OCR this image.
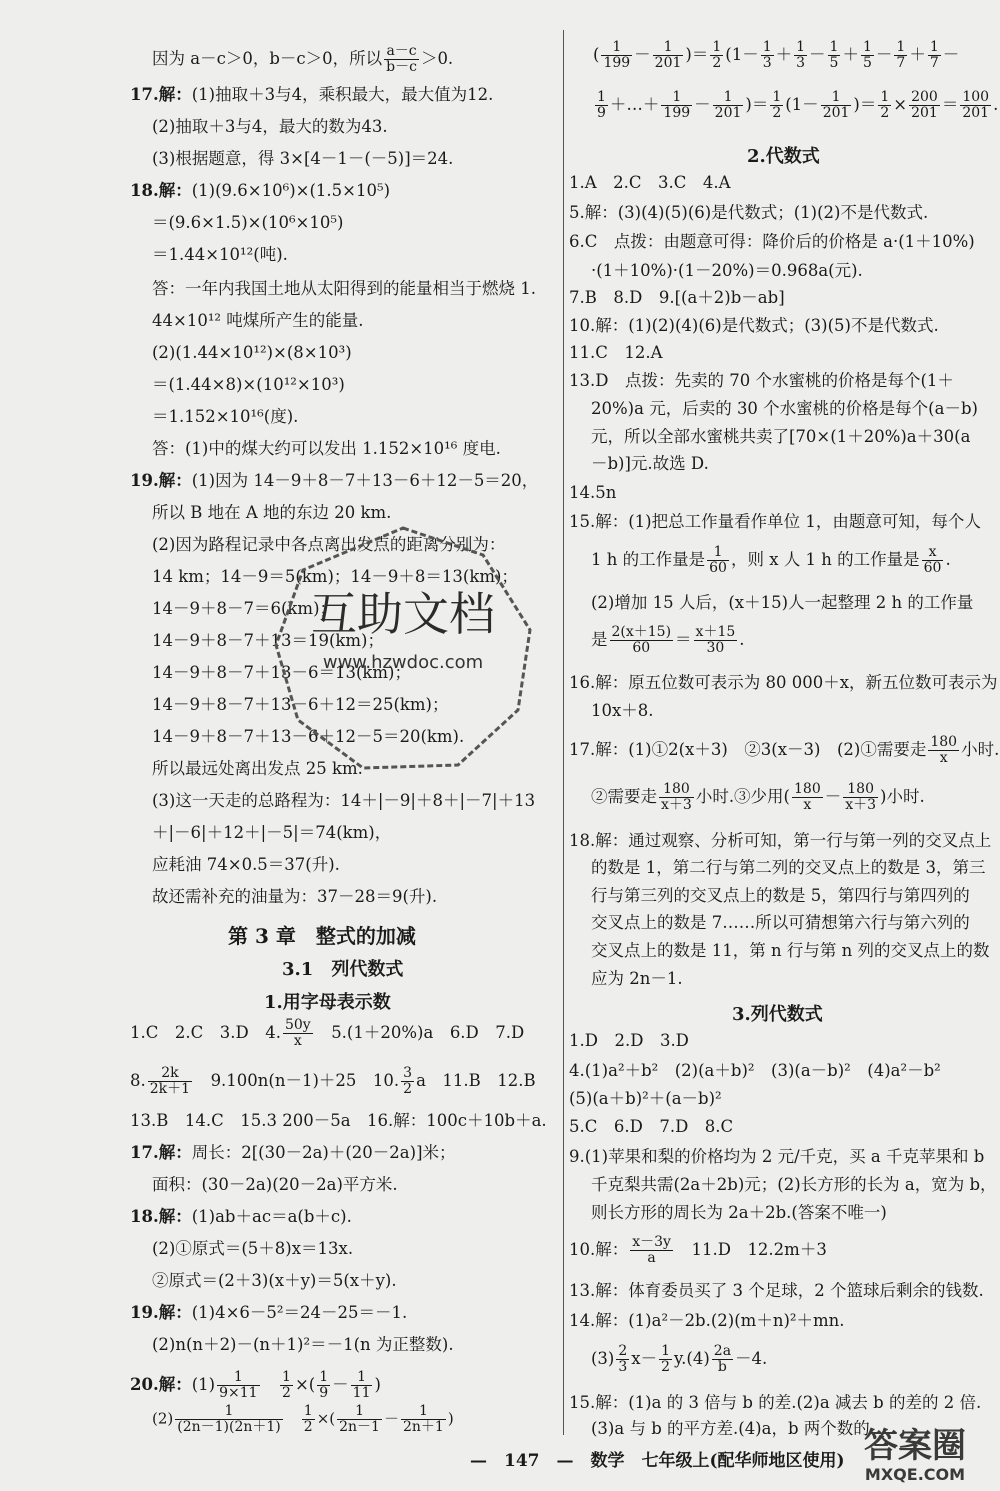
因为 a－c＞0，b－c＞0，所以 $\frac{a-c}{b-c} >0$.
17.解：(1)抽取＋3与4，乘积最大，最大值为12.
(2)抽取＋3与4，最大的数为43.
(3)根据题意，得 3×[4－1－(－5)]＝24.
18.解：(1)(9.6×10⁶)×(1.5×10⁵)
＝(9.6×1.5)×(10⁶×10⁵)
＝1.44×10¹²(吨).
答：一年内我国土地从太阳得到的能量相当于燃烧 1.
44×10¹² 吨煤所产生的能量.
(2)(1.44×10¹²)×(8×10³)
＝(1.44×8)×(10¹²×10³)
＝1.152×10¹⁶(度).
答：(1)中的煤大约可以发出 1.152×10¹⁶ 度电.
19.解：(1)因为 14－9＋8－7＋13－6＋12－5＝20，
所以 B 地在 A 地的东边 20 km.
(2)因为路程记录中各点离出发点的距离分别为：
14 km；14－9＝5(km)；14－9＋8＝13(km)；
14－9＋8－7＝6(km)；
14－9＋8－7＋13＝19(km)；
14－9＋8－7＋13－6＝13(km)；
14－9＋8－7＋13－6＋12＝25(km)；
14－9＋8－7＋13－6＋12－5＝20(km).
所以最远处离出发点 25 km.
(3)这一天走的总路程为：14＋|－9|＋8＋|－7|＋13
＋|－6|＋12＋|－5|＝74(km)，
应耗油 74×0.5＝37(升).
故还需补充的油量为：37－28＝9(升).
第 3 章　整式的加减
3.1　列代数式
1.用字母表示数
1.C　2.C　3.D　4. $\frac{50y}{x}$ 　5.(1＋20%)a　6.D　7.D
8. $\frac{2k}{2k+1}$ 　9.100n(n－1)＋25　10. $\frac{3}{2}$ a　11.B　12.B
13.B　14.C　15.3 200－5a　16.解：100c＋10b＋a.
17.解：周长：2[(30－2a)＋(20－2a)]米；
面积：(30－2a)(20－2a)平方米.
18.解：(1)ab＋ac＝a(b＋c).
(2)①原式＝(5＋8)x＝13x.
②原式＝(2＋3)(x＋y)＝5(x＋y).
19.解：(1)4×6－5²＝24－25＝－1.
(2)n(n＋2)－(n＋1)²＝－1(n 为正整数).
( $\frac{1}{199} - \frac{1}{201}$ )＝ $\frac{1}{2} (1- \frac{1}{3} + \frac{1}{3} - \frac{1}{5} + \frac{1}{5} - \frac{1}{7} + \frac{1}{7}$ －
$\frac{1}{9}$ ＋…＋ $\frac{1}{199} - \frac{1}{201}$ )＝ $\frac{1}{2} (1- \frac{1}{201}$ )＝ $\frac{1}{2} \times \frac{200}{201} = \frac{100}{201}$ .
2.代数式
1.A　2.C　3.C　4.A
5.解：(3)(4)(5)(6)是代数式；(1)(2)不是代数式.
6.C　点拨：由题意可得：降价后的价格是 a·(1＋10%)
·(1＋10%)·(1－20%)＝0.968a(元).
7.B　8.D　9.[(a＋2)b－ab]
10.解：(1)(2)(4)(6)是代数式；(3)(5)不是代数式.
11.C　12.A
13.D　点拨：先卖的 70 个水蜜桃的价格是每个(1＋
20%)a 元，后卖的 30 个水蜜桃的价格是每个(a－b)
元，所以全部水蜜桃共卖了[70×(1＋20%)a＋30(a
－b)]元.故选 D.
14.5n
15.解：(1)把总工作量看作单位 1，由题意可知，每个人
1 h 的工作量是 $\frac{1}{60}$ ，则 x 人 1 h 的工作量是 $\frac{x}{60}$ .
(2)增加 15 人后，(x＋15)人一起整理 2 h 的工作量
是 $\frac{2(x+15)}{60} = \frac{x+15}{30}$ .
16.解：原五位数可表示为 80 000＋x，新五位数可表示为
10x＋8.
17.解：(1)①2(x＋3)　②3(x－3)　(2)①需要走 $\frac{180}{x}$ 小时.
②需要走 $\frac{180}{x+3}$ 小时.③少用( $\frac{180}{x} - \frac{180}{x+3}$ )小时.
18.解：通过观察、分析可知，第一行与第一列的交叉点上
的数是 1，第二行与第二列的交叉点上的数是 3，第三
行与第三列的交叉点上的数是 5，第四行与第四列的
交叉点上的数是 7……所以可猜想第六行与第六列的
交叉点上的数是 11，第 n 行与第 n 列的交叉点上的数
应为 2n－1.
3.列代数式
1.D　2.D　3.D
4.(1)a²＋b²　(2)(a＋b)²　(3)(a－b)²　(4)a²－b²
(5)(a＋b)²＋(a－b)²
5.C　6.D　7.D　8.C
9.(1)苹果和梨的价格均为 2 元/千克，买 a 千克苹果和 b
千克梨共需(2a＋2b)元；(2)长方形的长为 a，宽为 b，
则长方形的周长为 2a＋2b.(答案不唯一)
10.解： $\frac{x-3y}{a}$ 　11.D　12.2m＋3
13.解：体育委员买了 3 个足球，2 个篮球后剩余的钱数.
14.解：(1)a²－2b.(2)(m＋n)²＋mn.
$(3) \frac{2}{3} x- \frac{1}{2} y.(4) \frac{2a}{b} -4$.
15.解：(1)a 的 3 倍与 b 的差.(2)a 减去 b 的差的 2 倍.
(3)a 与 b 的平方差.(4)a，b 两个数的
20.解：$(1) \frac{1}{9\times 11}$
　 $\frac{1}{2}$ ×( $\frac{1}{9} - \frac{1}{11}$ )
$(2) \frac{1}{(2n-1)(2n+1)}$
　 $\frac{1}{2}$ ×( $\frac{1}{2n-1} - \frac{1}{2n+1}$ )
—　147　—　数学　七年级上(配华师地区使用)
互助文档
www.hzwdoc.com
答案圈
MXQE.COM
